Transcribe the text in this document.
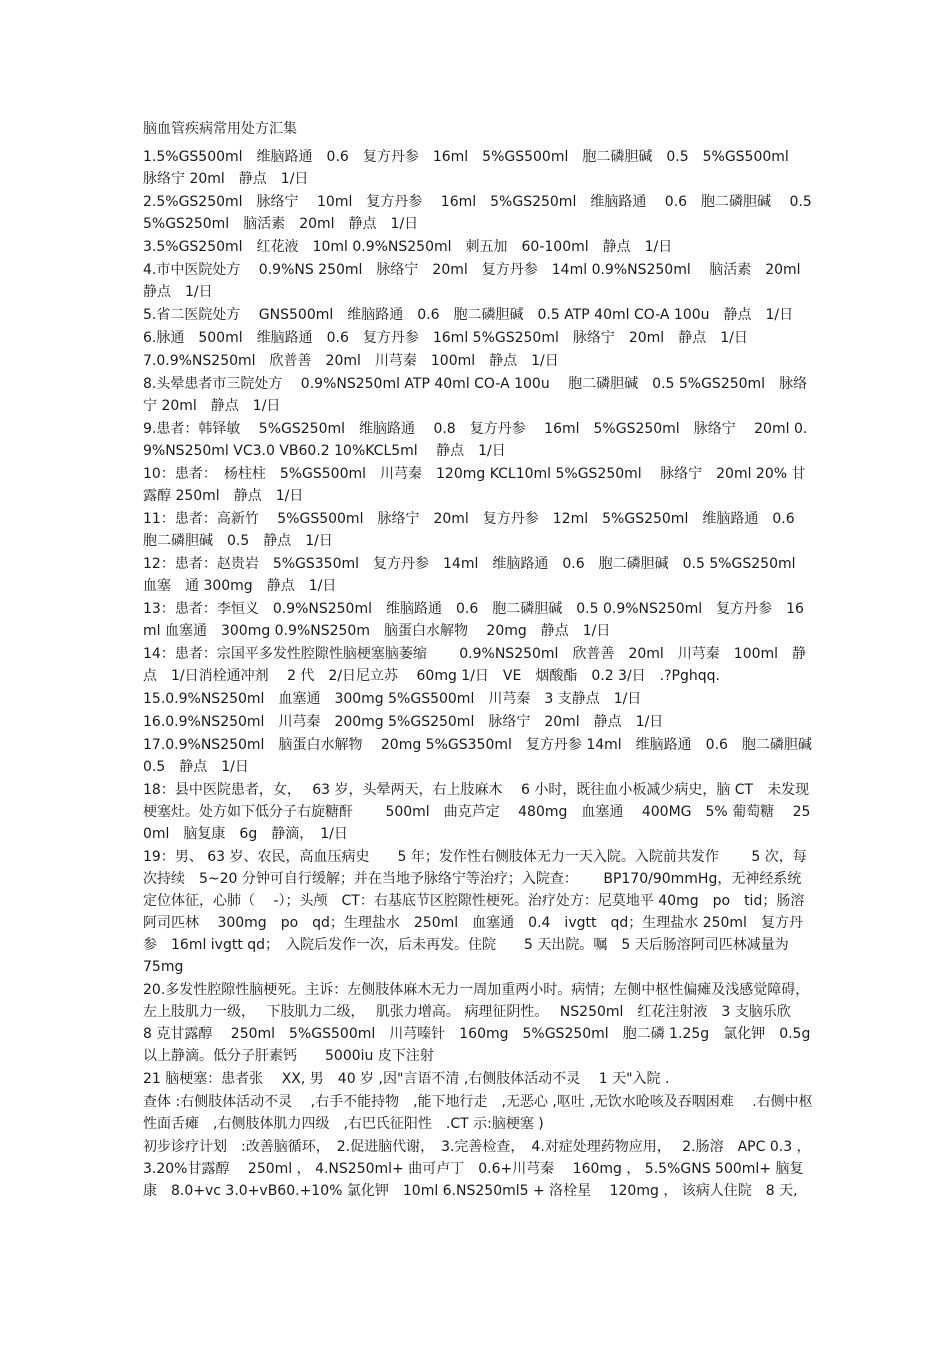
脑血管疾病常用处方汇集
1.5%GS500ml　维脑路通　0.6　复方丹参　16ml　5%GS500ml　胞二磷胆碱　0.5　5%GS500ml　脉络宁 20ml　静点　1/日
2.5%GS250ml　脉络宁　 10ml　复方丹参　 16ml　5%GS250ml　维脑路通　 0.6　胞二磷胆碱　 0.5 5%GS250ml　脑活素　20ml　静点　1/日
3.5%GS250ml　红花液　10ml 0.9%NS250ml　刺五加　60-100ml　静点　1/日
4.市中医院处方　 0.9%NS 250ml　脉络宁　20ml　复方丹参　14ml 0.9%NS250ml　 脑活素　20ml　静点　1/日
5.省二医院处方　 GNS500ml　维脑路通　0.6　胞二磷胆碱　0.5 ATP 40ml CO-A 100u　静点　1/日
6.脉通　500ml　维脑路通　0.6　复方丹参　16ml 5%GS250ml　脉络宁　20ml　静点　1/日
7.0.9%NS250ml　欣普善　20ml　川芎秦　100ml　静点　1/日
8.头晕患者市三院处方　 0.9%NS250ml ATP 40ml CO-A 100u　 胞二磷胆碱　0.5 5%GS250ml　脉络宁 20ml　静点　1/日
9.患者：韩铎敏　 5%GS250ml　维脑路通　 0.8　复方丹参　 16ml　5%GS250ml　脉络宁　 20ml 0.9%NS250ml VC3.0 VB60.2 10%KCL5ml　 静点　1/日
10：患者：　杨柱柱　5%GS500ml　川芎秦　120mg KCL10ml 5%GS250ml　 脉络宁　20ml 20% 甘露醇 250ml　静点　1/日
11：患者：高新竹　 5%GS500ml　脉络宁　20ml　复方丹参　12ml　5%GS250ml　维脑路通　0.6　胞二磷胆碱　0.5　静点　1/日
12：患者：赵贵岩　5%GS350ml　复方丹参　14ml　维脑路通　0.6　胞二磷胆碱　0.5 5%GS250ml　血塞　通 300mg　静点　1/日
13：患者：李恒义　0.9%NS250ml　维脑路通　0.6　胞二磷胆碱　0.5 0.9%NS250ml　复方丹参　16ml 血塞通　300mg 0.9%NS250m　脑蛋白水解物　 20mg　静点　1/日
14：患者：宗国平多发性腔隙性脑梗塞脑萎缩　　 0.9%NS250ml　欣普善　20ml　川芎秦　100ml　静点　1/日消栓通冲剂　 2 代　2/日尼立苏　 60mg 1/日　VE　烟酸酯　0.2 3/日　.?Pghqq.
15.0.9%NS250ml　血塞通　300mg 5%GS500ml　川芎秦　3 支静点　1/日
16.0.9%NS250ml　川芎秦　200mg 5%GS250ml　脉络宁　20ml　静点　1/日
17.0.9%NS250ml　脑蛋白水解物　 20mg 5%GS350ml　复方丹参 14ml　维脑路通　0.6　胞二磷胆碱 0.5　静点　1/日
18：县中医院患者，女，　 63 岁，头晕两天，右上肢麻木　 6 小时，既往血小板减少病史，脑 CT　未发现梗塞灶。处方如下低分子右旋糖酐　　 500ml　曲克芦定　 480mg　血塞通　 400MG　5% 葡萄糖　 250ml　脑复康　6g　静滴，　1/日
19：男、 63 岁、农民，高血压病史　　5 年；发作性右侧肢体无力一天入院。入院前共发作　　 5 次，每次持续　5~20 分钟可自行缓解；并在当地予脉络宁等治疗；入院查：　　 BP170/90mmHg，无神经系统定位体征，心肺（　 -）；头颅　CT：右基底节区腔隙性梗死。治疗处方：尼莫地平 40mg　po　tid；肠溶阿司匹林　 300mg　po　qd；生理盐水　250ml　血塞通　0.4　ivgtt　qd；生理盐水 250ml　复方丹参　16ml ivgtt qd；　入院后发作一次，后未再发。住院　　5 天出院。嘱　5 天后肠溶阿司匹林减量为　 75mg
20.多发性腔隙性脑梗死。主诉：左侧肢体麻木无力一周加重两小时。病情；左侧中枢性偏瘫及浅感觉障碍，　 左上肢肌力一级，　 下肢肌力二级，　 肌张力增高。 病理征阴性。　 NS250ml　红花注射液　3 支脑乐欣　8 克甘露醇　 250ml　5%GS500ml　川芎嗪针　160mg　5%GS250ml　胞二磷 1.25g　氯化钾　0.5g　以上静滴。低分子肝素钙　　5000iu 皮下注射
21 脑梗塞：患者张　 XX, 男　40 岁 ,因"言语不清 ,右侧肢体活动不灵　 1 天"入院 .
查体 :右侧肢体活动不灵　 ,右手不能持物　,能下地行走　,无恶心 ,呕吐 ,无饮水呛咳及吞咽困难　 .右侧中枢性面舌瘫　,右侧肢体肌力四级　,右巴氏征阳性　.CT 示:脑梗塞 )
初步诊疗计划　:改善脑循环，　2.促进脑代谢，　3.完善检查，　4.对症处理药物应用，　 2.肠溶　APC 0.3 ， 3.20%甘露醇　 250ml ， 4.NS250ml+ 曲可卢丁　0.6+川芎秦　 160mg ， 5.5%GNS 500ml+ 脑复康　8.0+vc 3.0+vB60.+10% 氯化钾　10ml 6.NS250ml5 + 洛栓星　 120mg ， 该病人住院　8 天,
